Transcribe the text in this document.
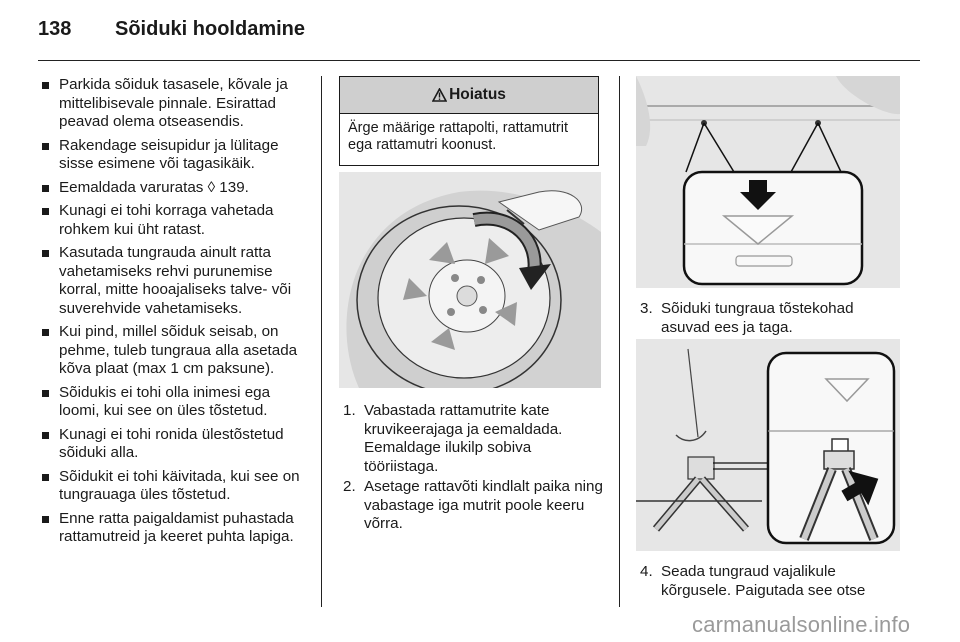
138 Sõiduki hooldamine
Parkida sõiduk tasasele, kõvale ja mittelibisevale pinnale. Esirattad peavad olema otseasendis.
Rakendage seisupidur ja lülitage sisse esimene või tagasikäik.
Eemaldada varuratas ◊ 139.
Kunagi ei tohi korraga vahetada rohkem kui üht ratast.
Kasutada tungrauda ainult ratta vahetamiseks rehvi purunemise korral, mitte hooajaliseks talve- või suverehvide vahetamiseks.
Kui pind, millel sõiduk seisab, on pehme, tuleb tungraua alla asetada kõva plaat (max 1 cm paksune).
Sõidukis ei tohi olla inimesi ega loomi, kui see on üles tõstetud.
Kunagi ei tohi ronida ülestõstetud sõiduki alla.
Sõidukit ei tohi käivitada, kui see on tungrauaga üles tõstetud.
Enne ratta paigaldamist puhastada rattamutreid ja keeret puhta lapiga.
Hoiatus
Ärge määrige rattapolti, rattamutrit ega rattamutri koonust.
1. Vabastada rattamutrite kate kruvikeerajaga ja eemaldada. Eemaldage ilukilp sobiva tööriistaga.
2. Asetage rattavõti kindlalt paika ning vabastage iga mutrit poole keeru võrra.
3. Sõiduki tungraua tõstekohad asuvad ees ja taga.
4. Seada tungraud vajalikule kõrgusele. Paigutada see otse
carmanualsonline.info
